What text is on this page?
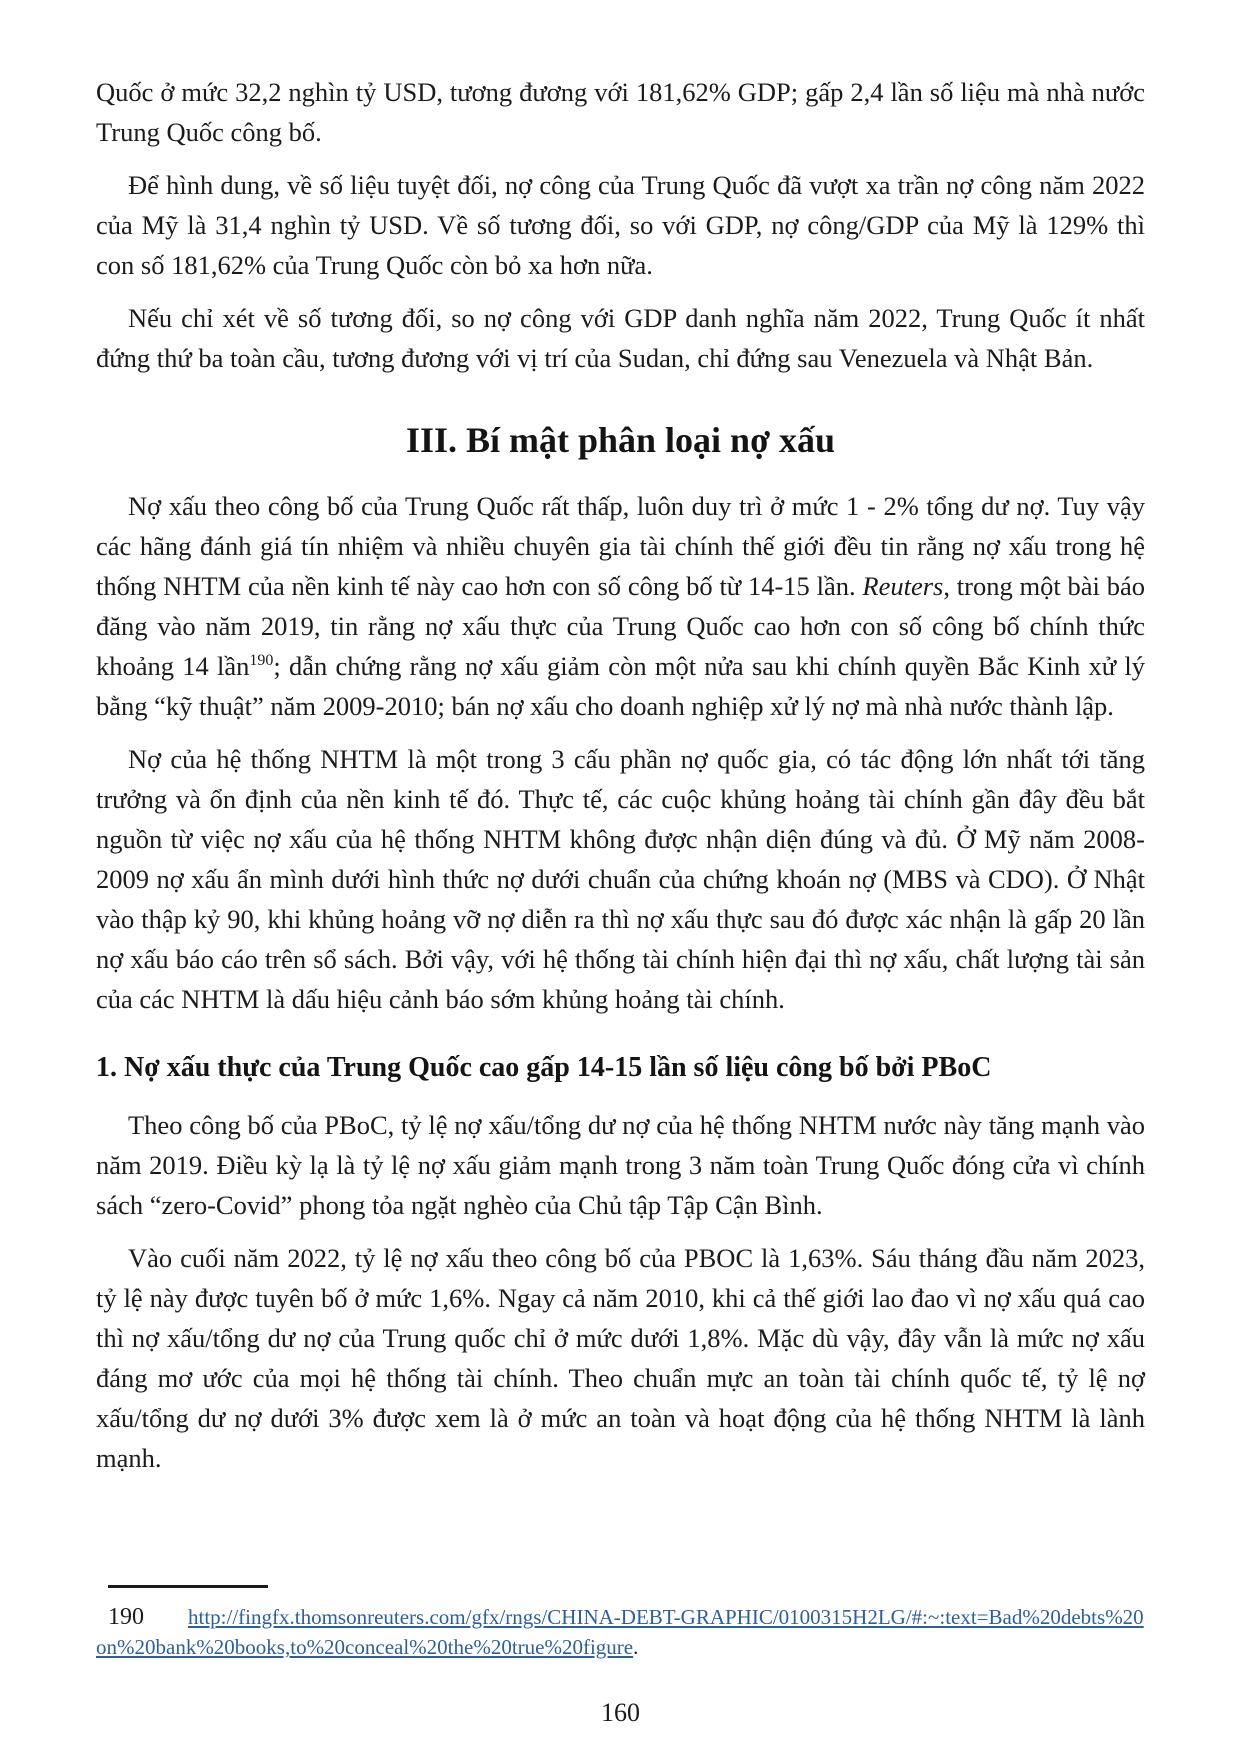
Quốc ở mức 32,2 nghìn tỷ USD, tương đương với 181,62% GDP; gấp 2,4 lần số liệu mà nhà nước Trung Quốc công bố.

Để hình dung, về số liệu tuyệt đối, nợ công của Trung Quốc đã vượt xa trần nợ công năm 2022 của Mỹ là 31,4 nghìn tỷ USD. Về số tương đối, so với GDP, nợ công/GDP của Mỹ là 129% thì con số 181,62% của Trung Quốc còn bỏ xa hơn nữa.

Nếu chỉ xét về số tương đối, so nợ công với GDP danh nghĩa năm 2022, Trung Quốc ít nhất đứng thứ ba toàn cầu, tương đương với vị trí của Sudan, chỉ đứng sau Venezuela và Nhật Bản.

III. Bí mật phân loại nợ xấu

Nợ xấu theo công bố của Trung Quốc rất thấp, luôn duy trì ở mức 1 - 2% tổng dư nợ. Tuy vậy các hãng đánh giá tín nhiệm và nhiều chuyên gia tài chính thế giới đều tin rằng nợ xấu trong hệ thống NHTM của nền kinh tế này cao hơn con số công bố từ 14-15 lần. Reuters, trong một bài báo đăng vào năm 2019, tin rằng nợ xấu thực của Trung Quốc cao hơn con số công bố chính thức khoảng 14 lần$^{190}$; dẫn chứng rằng nợ xấu giảm còn một nửa sau khi chính quyền Bắc Kinh xử lý bằng “kỹ thuật” năm 2009-2010; bán nợ xấu cho doanh nghiệp xử lý nợ mà nhà nước thành lập.

Nợ của hệ thống NHTM là một trong 3 cấu phần nợ quốc gia, có tác động lớn nhất tới tăng trưởng và ổn định của nền kinh tế đó. Thực tế, các cuộc khủng hoảng tài chính gần đây đều bắt nguồn từ việc nợ xấu của hệ thống NHTM không được nhận diện đúng và đủ. Ở Mỹ năm 2008-2009 nợ xấu ẩn mình dưới hình thức nợ dưới chuẩn của chứng khoán nợ (MBS và CDO). Ở Nhật vào thập kỷ 90, khi khủng hoảng vỡ nợ diễn ra thì nợ xấu thực sau đó được xác nhận là gấp 20 lần nợ xấu báo cáo trên sổ sách. Bởi vậy, với hệ thống tài chính hiện đại thì nợ xấu, chất lượng tài sản của các NHTM là dấu hiệu cảnh báo sớm khủng hoảng tài chính.

1. Nợ xấu thực của Trung Quốc cao gấp 14-15 lần số liệu công bố bởi PBoC

Theo công bố của PBoC, tỷ lệ nợ xấu/tổng dư nợ của hệ thống NHTM nước này tăng mạnh vào năm 2019. Điều kỳ lạ là tỷ lệ nợ xấu giảm mạnh trong 3 năm toàn Trung Quốc đóng cửa vì chính sách “zero-Covid” phong tỏa ngặt nghèo của Chủ tập Tập Cận Bình.

Vào cuối năm 2022, tỷ lệ nợ xấu theo công bố của PBOC là 1,63%. Sáu tháng đầu năm 2023, tỷ lệ này được tuyên bố ở mức 1,6%. Ngay cả năm 2010, khi cả thế giới lao đao vì nợ xấu quá cao thì nợ xấu/tổng dư nợ của Trung quốc chỉ ở mức dưới 1,8%. Mặc dù vậy, đây vẫn là mức nợ xấu đáng mơ ước của mọi hệ thống tài chính. Theo chuẩn mực an toàn tài chính quốc tế, tỷ lệ nợ xấu/tổng dư nợ dưới 3% được xem là ở mức an toàn và hoạt động của hệ thống NHTM là lành mạnh.

190 http://fingfx.thomsonreuters.com/gfx/rngs/CHINA-DEBT-GRAPHIC/0100315H2LG/#:~:text=Bad%20debts%20on%20bank%20books,to%20conceal%20the%20true%20figure.
160
